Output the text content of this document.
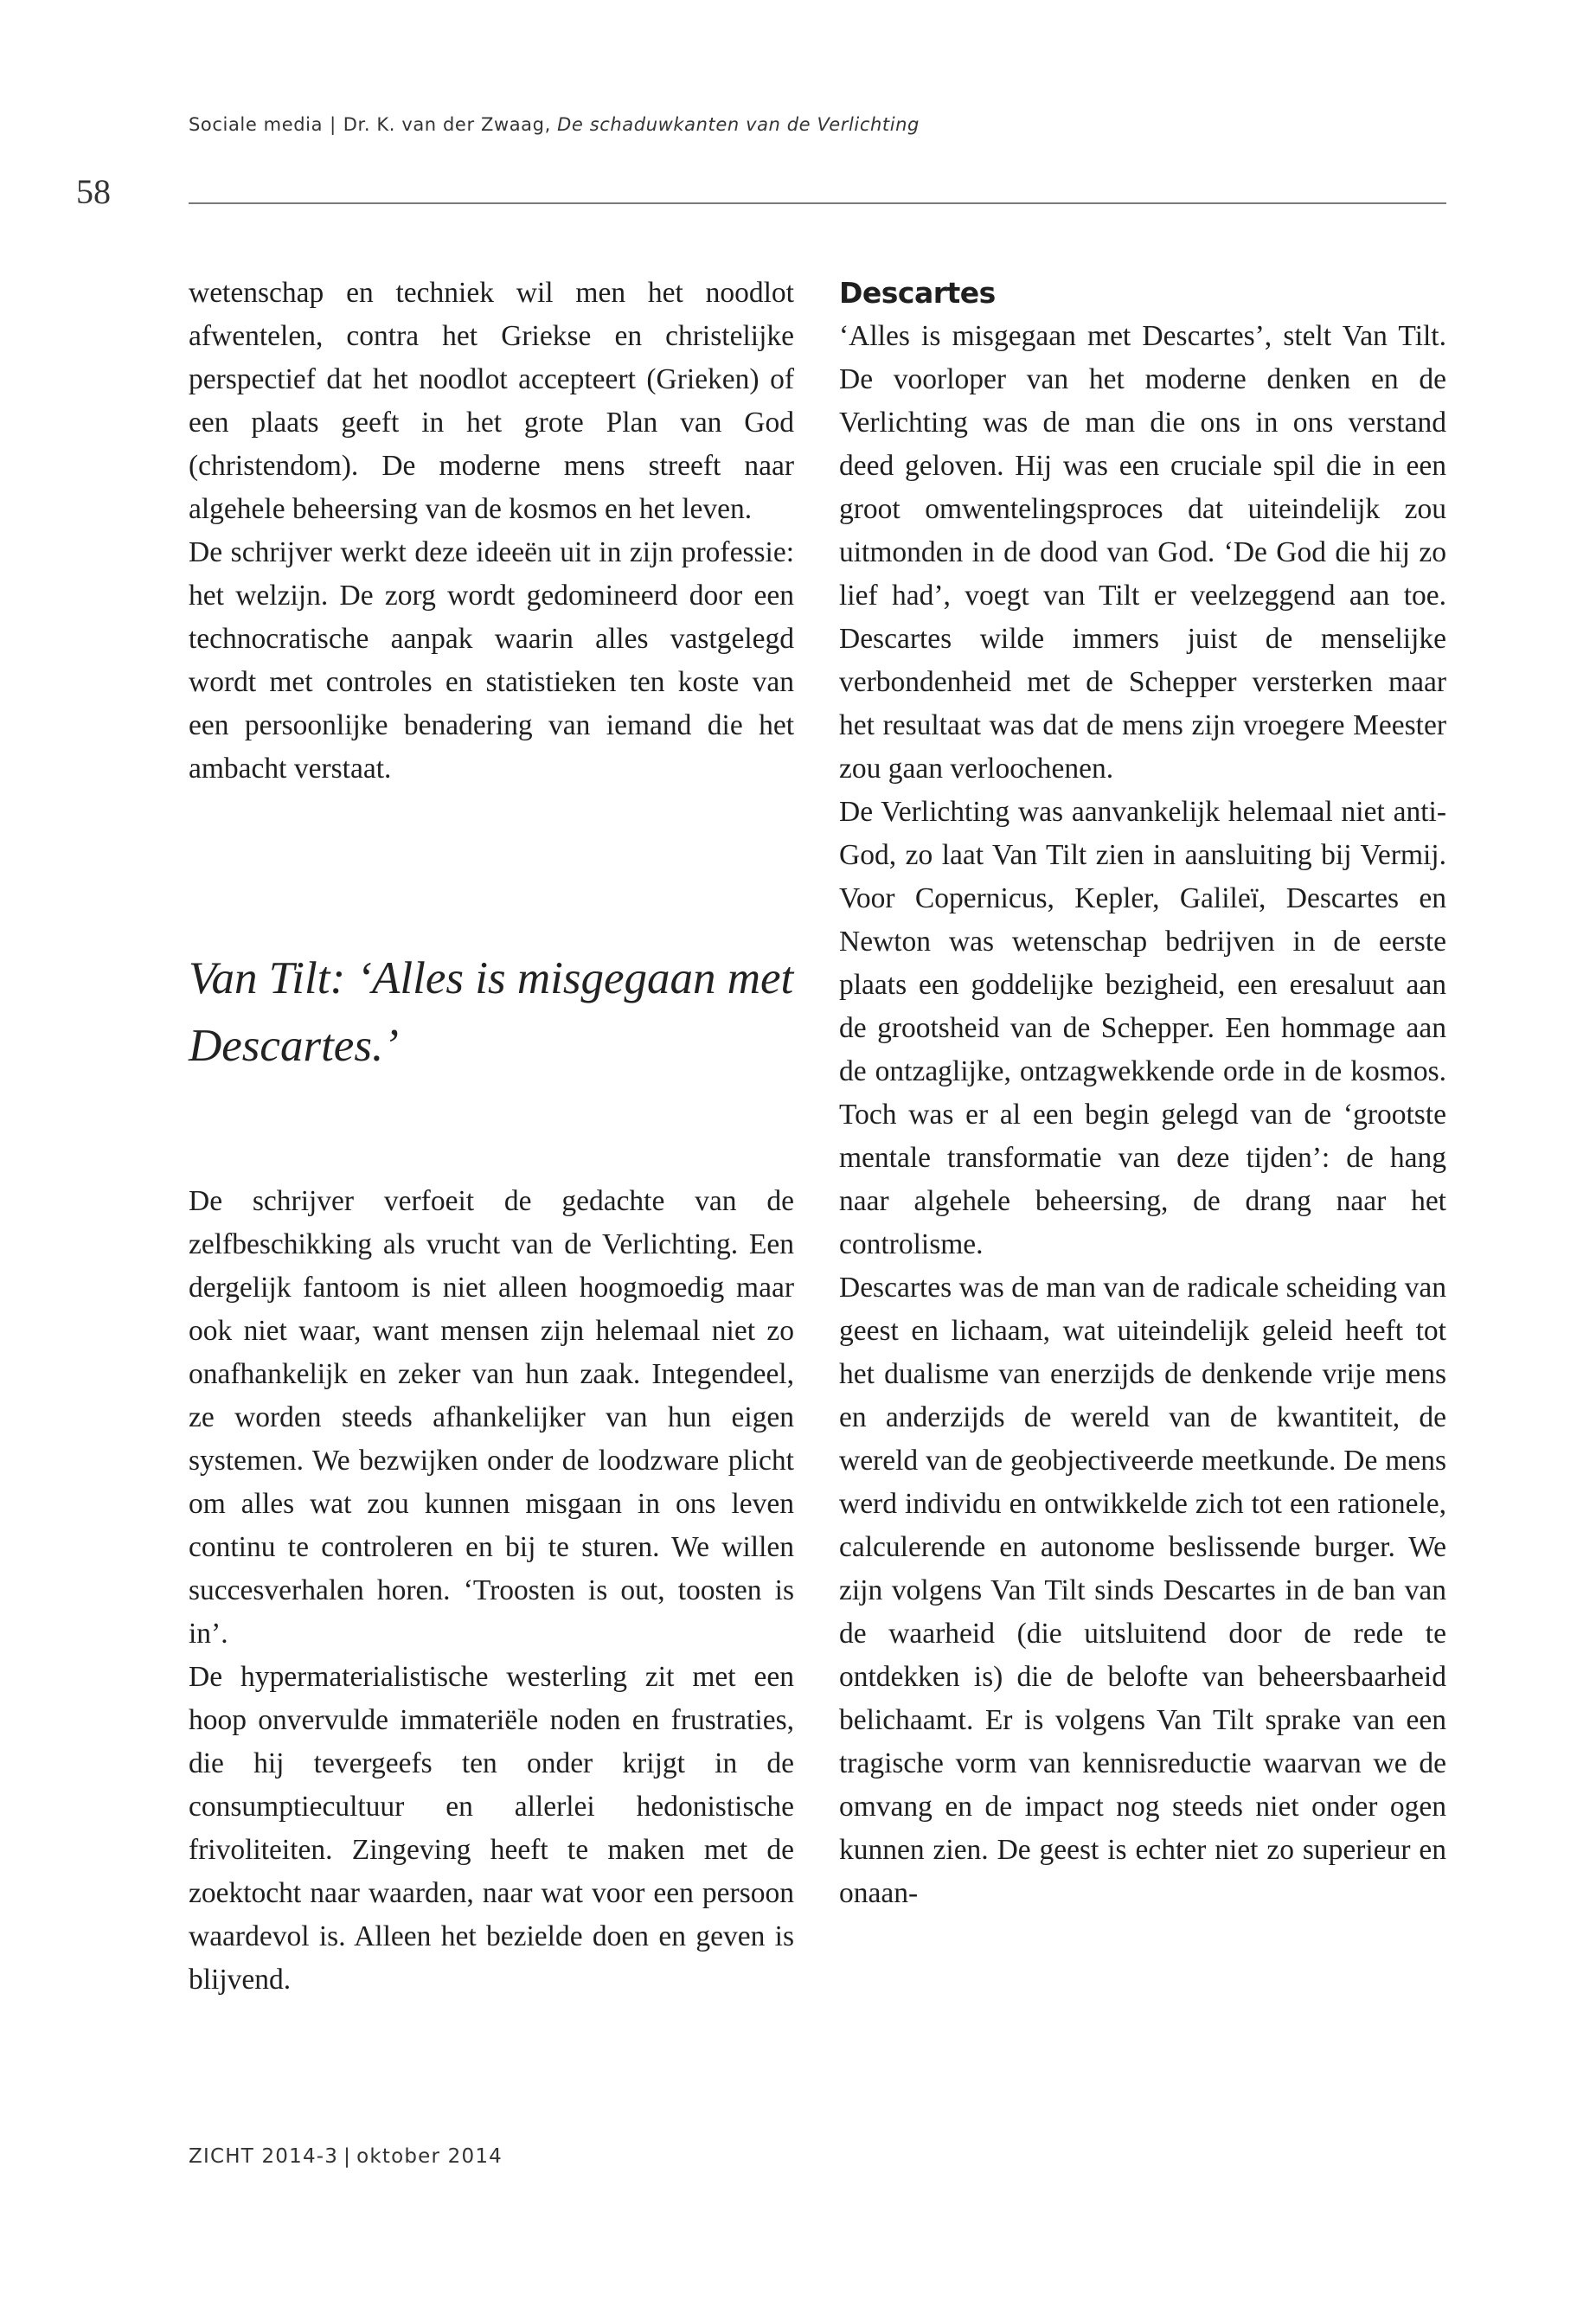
Sociale media | Dr. K. van der Zwaag, De schaduwkanten van de Verlichting
58

wetenschap en techniek wil men het noodlot afwentelen, contra het Griekse en christelijke perspectief dat het noodlot accepteert (Grieken) of een plaats geeft in het grote Plan van God (christendom). De moderne mens streeft naar algehele beheersing van de kosmos en het leven.

De schrijver werkt deze ideeën uit in zijn professie: het welzijn. De zorg wordt gedomineerd door een technocratische aanpak waarin alles vastgelegd wordt met controles en statistieken ten koste van een persoonlijke benadering van iemand die het ambacht verstaat.

Van Tilt: ‘Alles is misgegaan met Descartes.’

De schrijver verfoeit de gedachte van de zelfbeschikking als vrucht van de Verlichting. Een dergelijk fantoom is niet alleen hoogmoedig maar ook niet waar, want mensen zijn helemaal niet zo onafhankelijk en zeker van hun zaak. Integendeel, ze worden steeds afhankelijker van hun eigen systemen. We bezwijken onder de loodzware plicht om alles wat zou kunnen misgaan in ons leven continu te controleren en bij te sturen. We willen succesverhalen horen. ‘Troosten is out, toosten is in’.

De hypermaterialistische westerling zit met een hoop onvervulde immateriële noden en frustraties, die hij tevergeefs ten onder krijgt in de consumptiecultuur en allerlei hedonistische frivoliteiten. Zingeving heeft te maken met de zoektocht naar waarden, naar wat voor een persoon waardevol is. Alleen het bezielde doen en geven is blijvend.

Descartes

‘Alles is misgegaan met Descartes’, stelt Van Tilt. De voorloper van het moderne denken en de Verlichting was de man die ons in ons verstand deed geloven. Hij was een cruciale spil die in een groot omwentelingsproces dat uiteindelijk zou uitmonden in de dood van God. ‘De God die hij zo lief had’, voegt van Tilt er veelzeggend aan toe. Descartes wilde immers juist de menselijke verbondenheid met de Schepper versterken maar het resultaat was dat de mens zijn vroegere Meester zou gaan verloochenen.

De Verlichting was aanvankelijk helemaal niet anti-God, zo laat Van Tilt zien in aansluiting bij Vermij. Voor Copernicus, Kepler, Galileï, Descartes en Newton was wetenschap bedrijven in de eerste plaats een goddelijke bezigheid, een eresaluut aan de grootsheid van de Schepper. Een hommage aan de ontzaglijke, ontzagwekkende orde in de kosmos. Toch was er al een begin gelegd van de ‘grootste mentale transformatie van deze tijden’: de hang naar algehele beheersing, de drang naar het controlisme.

Descartes was de man van de radicale scheiding van geest en lichaam, wat uiteindelijk geleid heeft tot het dualisme van enerzijds de denkende vrije mens en anderzijds de wereld van de kwantiteit, de wereld van de geobjectiveerde meetkunde. De mens werd individu en ontwikkelde zich tot een rationele, calculerende en autonome beslissende burger. We zijn volgens Van Tilt sinds Descartes in de ban van de waarheid (die uitsluitend door de rede te ontdekken is) die de belofte van beheersbaarheid belichaamt. Er is volgens Van Tilt sprake van een tragische vorm van kennisreductie waarvan we de omvang en de impact nog steeds niet onder ogen kunnen zien. De geest is echter niet zo superieur en onaan-

ZICHT 2014-3 | oktober 2014
